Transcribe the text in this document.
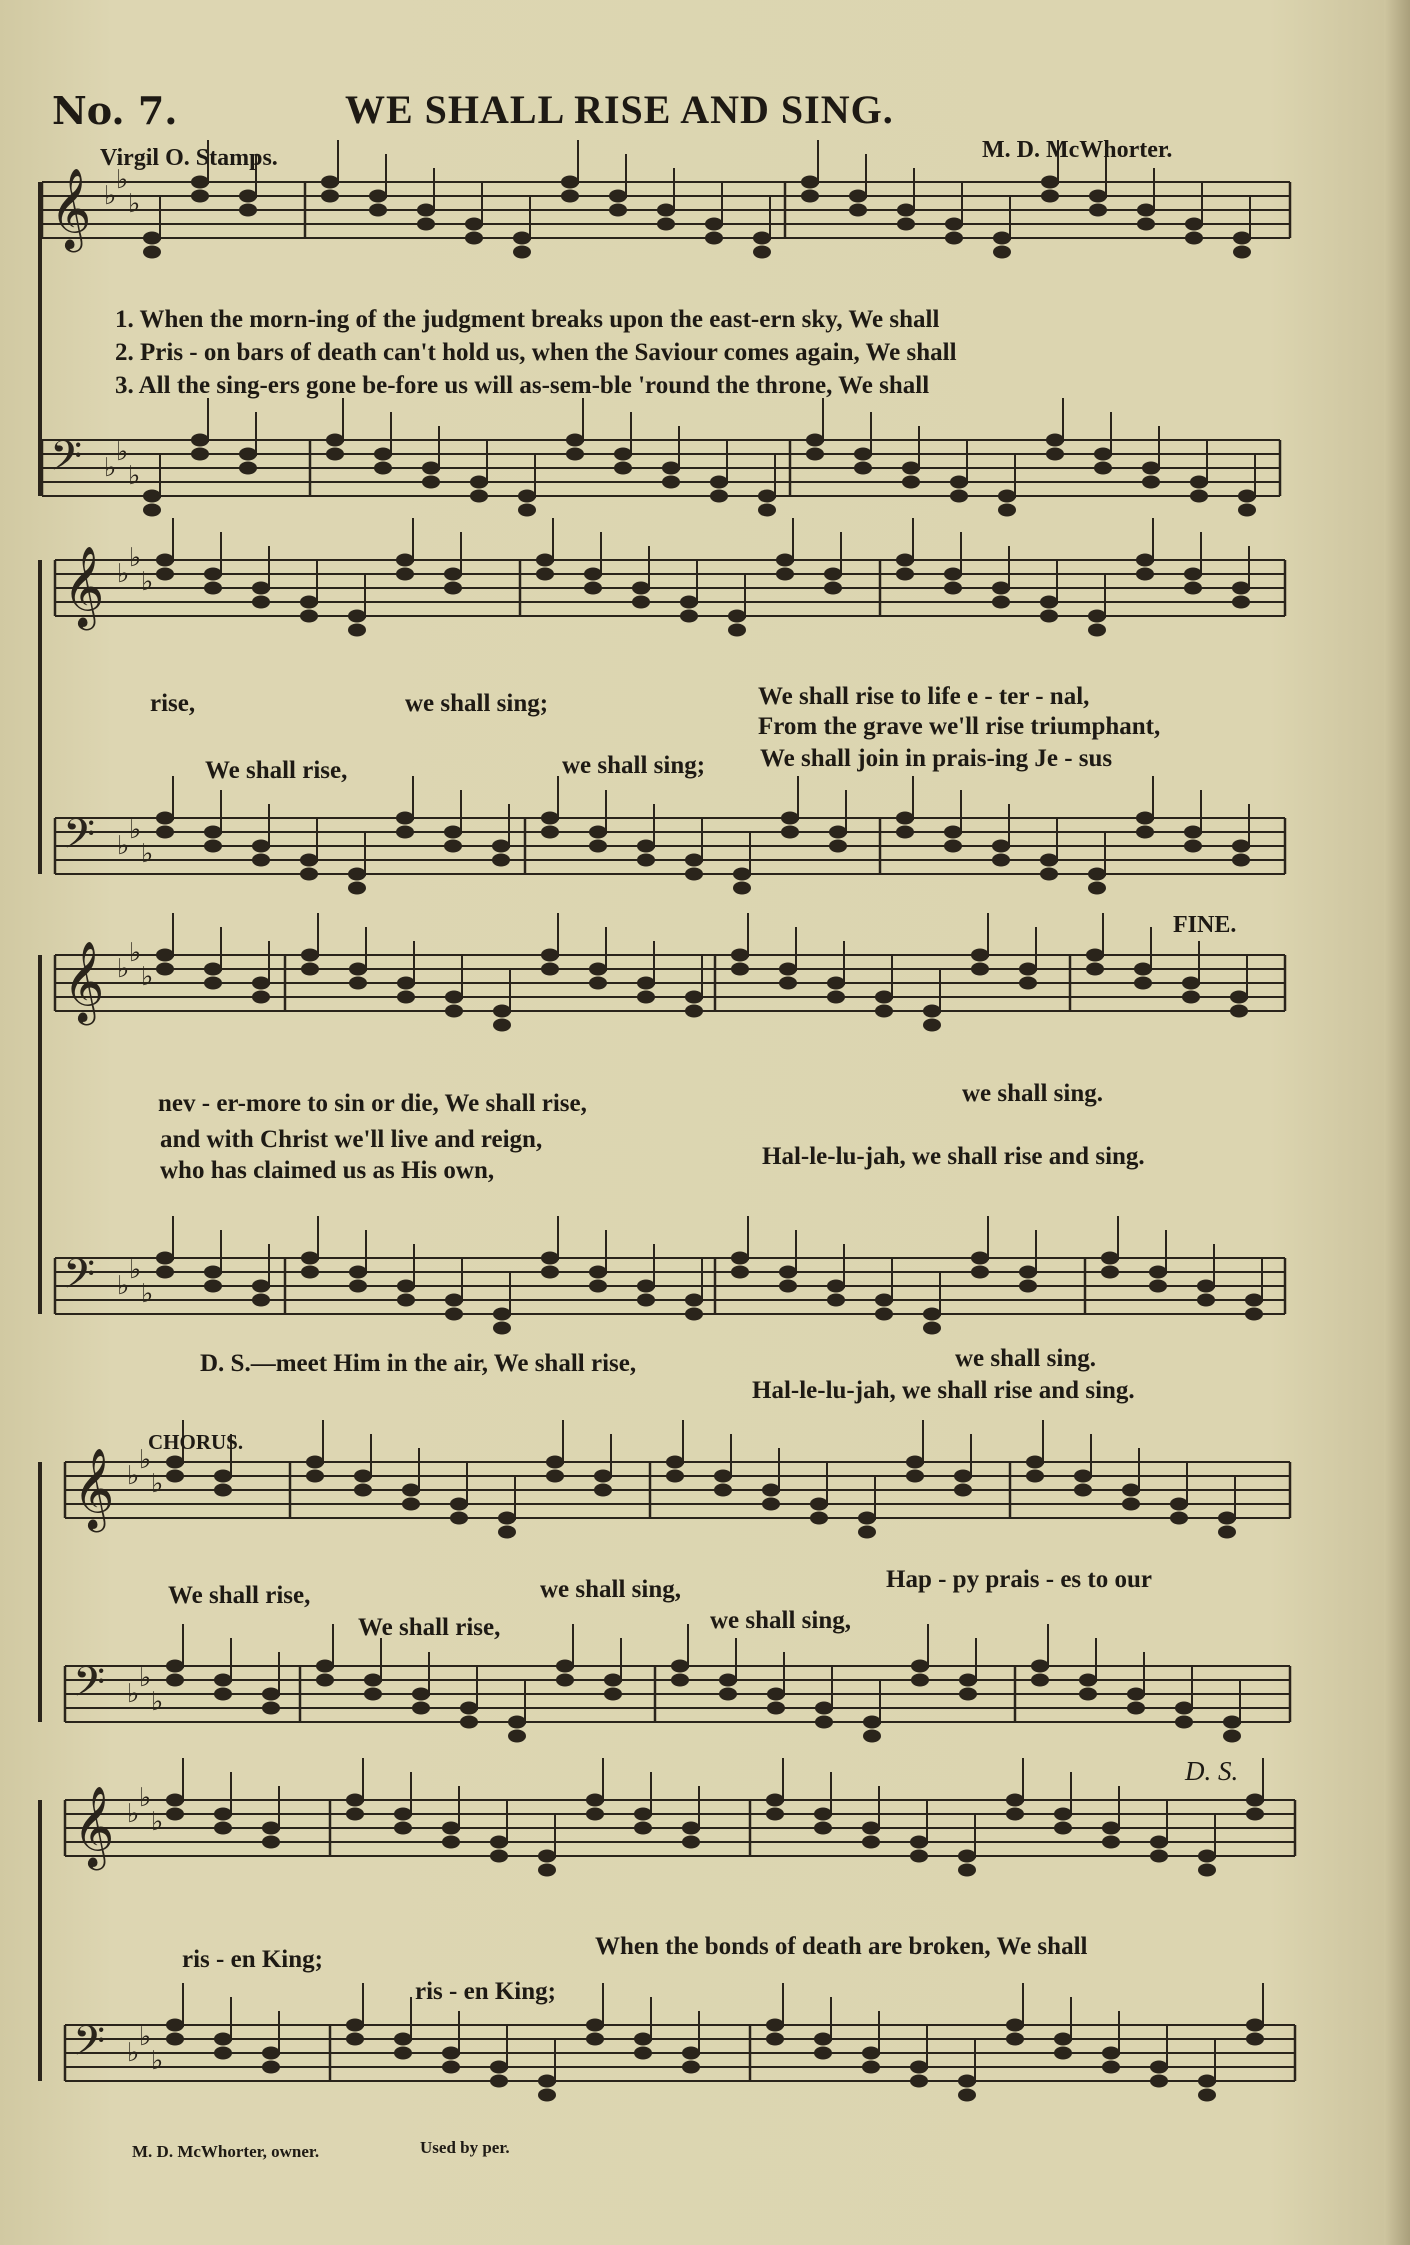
𝄞 ♭
♭
♭
𝄢 ♭
♭
♭
𝄞 ♭
♭
♭
𝄢 ♭
♭
♭
𝄞 ♭
♭
♭
𝄢 ♭
♭
♭
𝄞 ♭
♭
♭
𝄢 ♭
♭
♭
𝄞 ♭
♭
♭
𝄢 ♭
♭
♭
No. 7.	WE SHALL RISE AND SING.
Virgil O. Stamps.	M. D. McWhorter.
1. When the morn-ing of the judgment breaks upon the east-ern sky, We shall
2. Pris - on bars of death can't hold us, when the Saviour comes again, We shall
3. All the sing-ers gone be-fore us will as-sem-ble 'round the throne, We shall
rise,	we shall sing;	We shall rise to life e - ter - nal,
From the grave we'll rise triumphant,
We shall rise,	we shall sing; We shall join in prais-ing Je - sus
FINE.
nev - er-more to sin or die, We shall rise,	we shall sing.
and with Christ we'll live and reign,
who has claimed us as His own,
Hal-le-lu-jah, we shall rise and sing.
D. S.—meet Him in the air, We shall rise,	we shall sing.
Hal-le-lu-jah, we shall rise and sing.
CHORUS.
We shall rise,	we shall sing,	Hap - py prais - es to our
We shall rise,	we shall sing,
D. S.
ris - en King;	When the bonds of death are broken, We shall
ris - en King;
M. D. McWhorter, owner.	Used by per.
